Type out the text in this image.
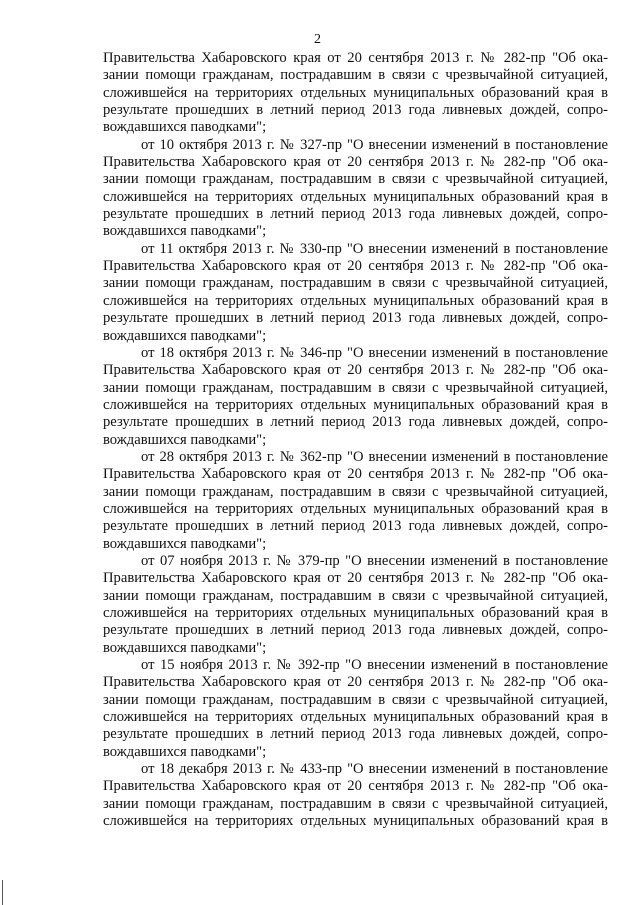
2
Правительства Хабаровского края от 20 сентября 2013 г. № 282-пр "Об ока-
зании помощи гражданам, пострадавшим в связи с чрезвычайной ситуацией,
сложившейся на территориях отдельных муниципальных образований края в
результате прошедших в летний период 2013 года ливневых дождей, сопро-
вождавшихся паводками";
от 10 октября 2013 г. № 327-пр "О внесении изменений в постановление
Правительства Хабаровского края от 20 сентября 2013 г. № 282-пр "Об ока-
зании помощи гражданам, пострадавшим в связи с чрезвычайной ситуацией,
сложившейся на территориях отдельных муниципальных образований края в
результате прошедших в летний период 2013 года ливневых дождей, сопро-
вождавшихся паводками";
от 11 октября 2013 г. № 330-пр "О внесении изменений в постановление
Правительства Хабаровского края от 20 сентября 2013 г. № 282-пр "Об ока-
зании помощи гражданам, пострадавшим в связи с чрезвычайной ситуацией,
сложившейся на территориях отдельных муниципальных образований края в
результате прошедших в летний период 2013 года ливневых дождей, сопро-
вождавшихся паводками";
от 18 октября 2013 г. № 346-пр "О внесении изменений в постановление
Правительства Хабаровского края от 20 сентября 2013 г. № 282-пр "Об ока-
зании помощи гражданам, пострадавшим в связи с чрезвычайной ситуацией,
сложившейся на территориях отдельных муниципальных образований края в
результате прошедших в летний период 2013 года ливневых дождей, сопро-
вождавшихся паводками";
от 28 октября 2013 г. № 362-пр "О внесении изменений в постановление
Правительства Хабаровского края от 20 сентября 2013 г. № 282-пр "Об ока-
зании помощи гражданам, пострадавшим в связи с чрезвычайной ситуацией,
сложившейся на территориях отдельных муниципальных образований края в
результате прошедших в летний период 2013 года ливневых дождей, сопро-
вождавшихся паводками";
от 07 ноября 2013 г. № 379-пр "О внесении изменений в постановление
Правительства Хабаровского края от 20 сентября 2013 г. № 282-пр "Об ока-
зании помощи гражданам, пострадавшим в связи с чрезвычайной ситуацией,
сложившейся на территориях отдельных муниципальных образований края в
результате прошедших в летний период 2013 года ливневых дождей, сопро-
вождавшихся паводками";
от 15 ноября 2013 г. № 392-пр "О внесении изменений в постановление
Правительства Хабаровского края от 20 сентября 2013 г. № 282-пр "Об ока-
зании помощи гражданам, пострадавшим в связи с чрезвычайной ситуацией,
сложившейся на территориях отдельных муниципальных образований края в
результате прошедших в летний период 2013 года ливневых дождей, сопро-
вождавшихся паводками";
от 18 декабря 2013 г. № 433-пр "О внесении изменений в постановление
Правительства Хабаровского края от 20 сентября 2013 г. № 282-пр "Об ока-
зании помощи гражданам, пострадавшим в связи с чрезвычайной ситуацией,
сложившейся на территориях отдельных муниципальных образований края в
